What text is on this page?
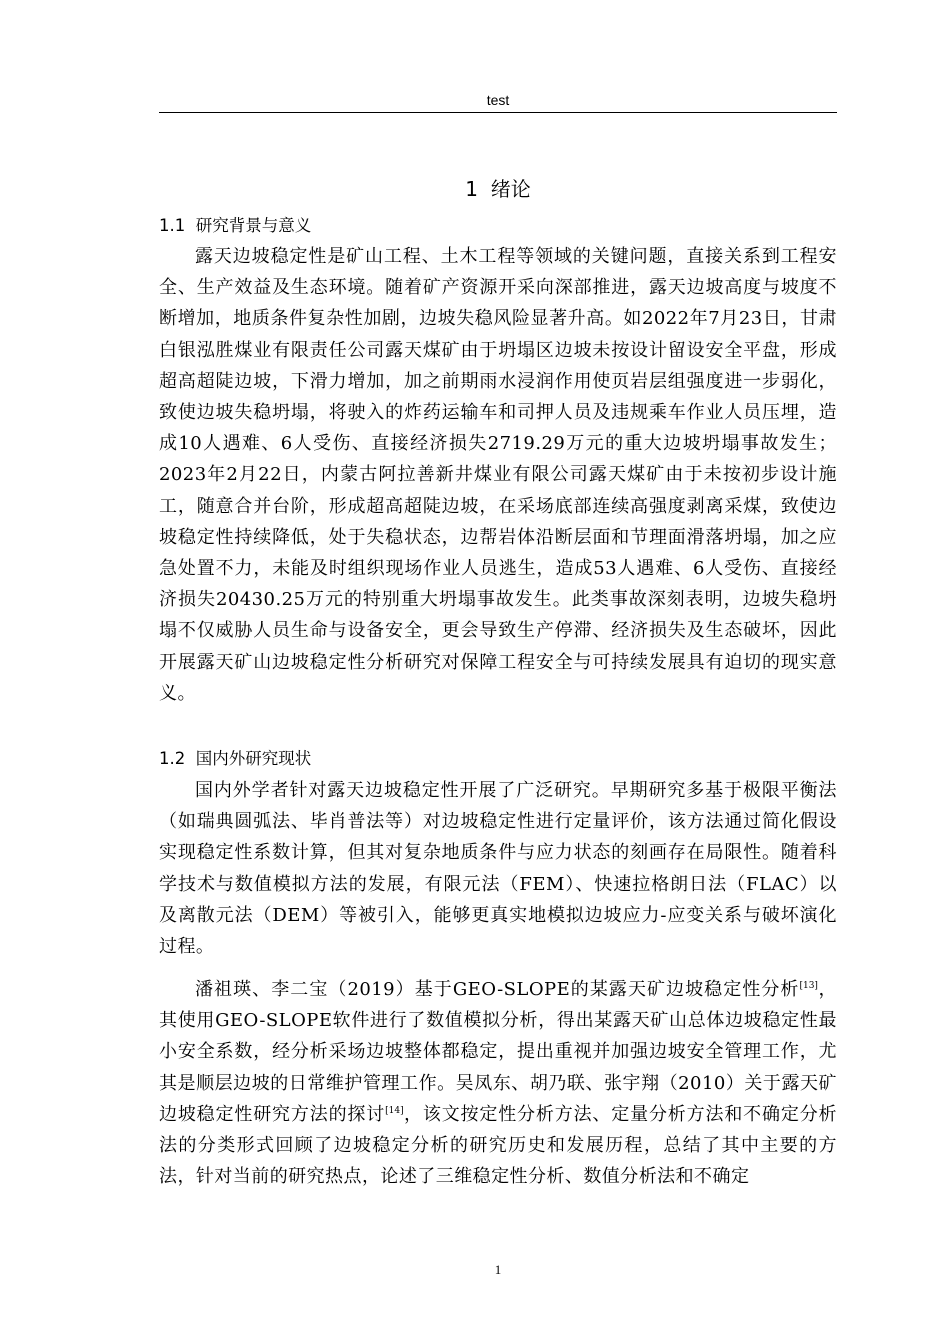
test
1  绪论
1.1  研究背景与意义

露天边坡稳定性是矿山工程、土木工程等领域的关键问题，直接关系到工程安全、生产效益及生态环境。随着矿产资源开采向深部推进，露天边坡高度与坡度不断增加，地质条件复杂性加剧，边坡失稳风险显著升高。如2022年7月23日，甘肃白银泓胜煤业有限责任公司露天煤矿由于坍塌区边坡未按设计留设安全平盘，形成超高超陡边坡，下滑力增加，加之前期雨水浸润作用使页岩层组强度进一步弱化，致使边坡失稳坍塌，将驶入的炸药运输车和司押人员及违规乘车作业人员压埋，造成10人遇难、6人受伤、直接经济损失2719.29万元的重大边坡坍塌事故发生；2023年2月22日，内蒙古阿拉善新井煤业有限公司露天煤矿由于未按初步设计施工，随意合并台阶，形成超高超陡边坡，在采场底部连续高强度剥离采煤，致使边坡稳定性持续降低，处于失稳状态，边帮岩体沿断层面和节理面滑落坍塌，加之应急处置不力，未能及时组织现场作业人员逃生，造成53人遇难、6人受伤、直接经济损失20430.25万元的特别重大坍塌事故发生。此类事故深刻表明，边坡失稳坍塌不仅威胁人员生命与设备安全，更会导致生产停滞、经济损失及生态破坏，因此开展露天矿山边坡稳定性分析研究对保障工程安全与可持续发展具有迫切的现实意义。

1.2  国内外研究现状

国内外学者针对露天边坡稳定性开展了广泛研究。早期研究多基于极限平衡法（如瑞典圆弧法、毕肖普法等）对边坡稳定性进行定量评价，该方法通过简化假设实现稳定性系数计算，但其对复杂地质条件与应力状态的刻画存在局限性。随着科学技术与数值模拟方法的发展，有限元法（FEM）、快速拉格朗日法（FLAC）以及离散元法（DEM）等被引入，能够更真实地模拟边坡应力-应变关系与破坏演化过程。

潘祖瑛、李二宝（2019）基于GEO-SLOPE的某露天矿边坡稳定性分析[13]，其使用GEO-SLOPE软件进行了数值模拟分析，得出某露天矿山总体边坡稳定性最小安全系数，经分析采场边坡整体都稳定，提出重视并加强边坡安全管理工作，尤其是顺层边坡的日常维护管理工作。吴凤东、胡乃联、张宇翔（2010）关于露天矿边坡稳定性研究方法的探讨[14]，该文按定性分析方法、定量分析方法和不确定分析法的分类形式回顾了边坡稳定分析的研究历史和发展历程，总结了其中主要的方法，针对当前的研究热点，论述了三维稳定性分析、数值分析法和不确定

1
